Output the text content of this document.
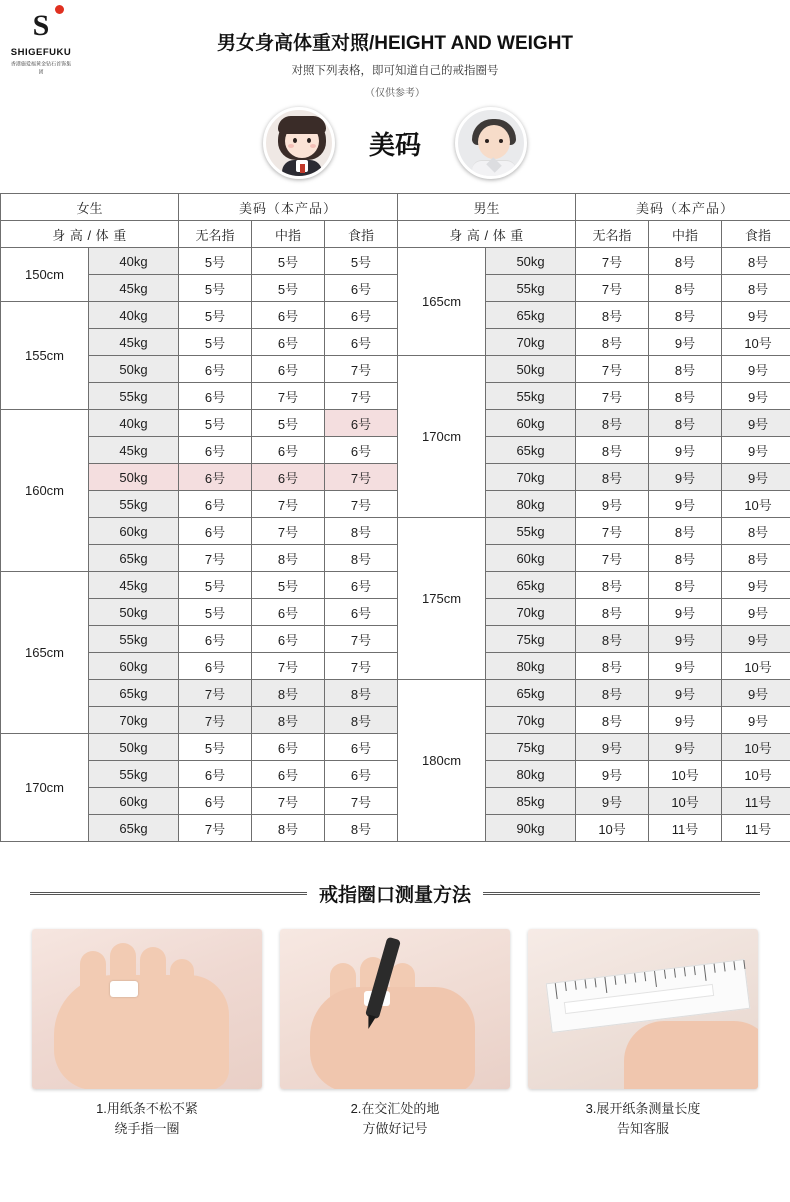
S
SHIGEFUKU
香港施爱福黄金钻石首饰集团
男女身高体重对照/HEIGHT AND WEIGHT
对照下列表格，即可知道自己的戒指圈号
（仅供参考）
美码
女生		美码（本产品）			男生		美码（本产品）		
身 高 / 体 重		无名指	中指	食指	身 高 / 体 重		无名指	中指	食指
150cm	40kg	5号	5号	5号	165cm	50kg	7号	8号	8号
	45kg	5号	5号	6号		55kg	7号	8号	8号
155cm	40kg	5号	6号	6号		65kg	8号	8号	9号
	45kg	5号	6号	6号		70kg	8号	9号	10号
	50kg	6号	6号	7号	170cm	50kg	7号	8号	9号
	55kg	6号	7号	7号		55kg	7号	8号	9号
160cm	40kg	5号	5号	6号		60kg	8号	8号	9号
	45kg	6号	6号	6号		65kg	8号	9号	9号
	50kg	6号	6号	7号		70kg	8号	9号	9号
	55kg	6号	7号	7号		80kg	9号	9号	10号
	60kg	6号	7号	8号	175cm	55kg	7号	8号	8号
	65kg	7号	8号	8号		60kg	7号	8号	8号
165cm	45kg	5号	5号	6号		65kg	8号	8号	9号
	50kg	5号	6号	6号		70kg	8号	9号	9号
	55kg	6号	6号	7号		75kg	8号	9号	9号
	60kg	6号	7号	7号		80kg	8号	9号	10号
	65kg	7号	8号	8号	180cm	65kg	8号	9号	9号
	70kg	7号	8号	8号		70kg	8号	9号	9号
170cm	50kg	5号	6号	6号		75kg	9号	9号	10号
	55kg	6号	6号	6号		80kg	9号	10号	10号
	60kg	6号	7号	7号		85kg	9号	10号	11号
	65kg	7号	8号	8号		90kg	10号	11号	11号
戒指圈口测量方法
1.用纸条不松不紧
绕手指一圈
2.在交汇处的地
方做好记号
3.展开纸条测量长度
告知客服
